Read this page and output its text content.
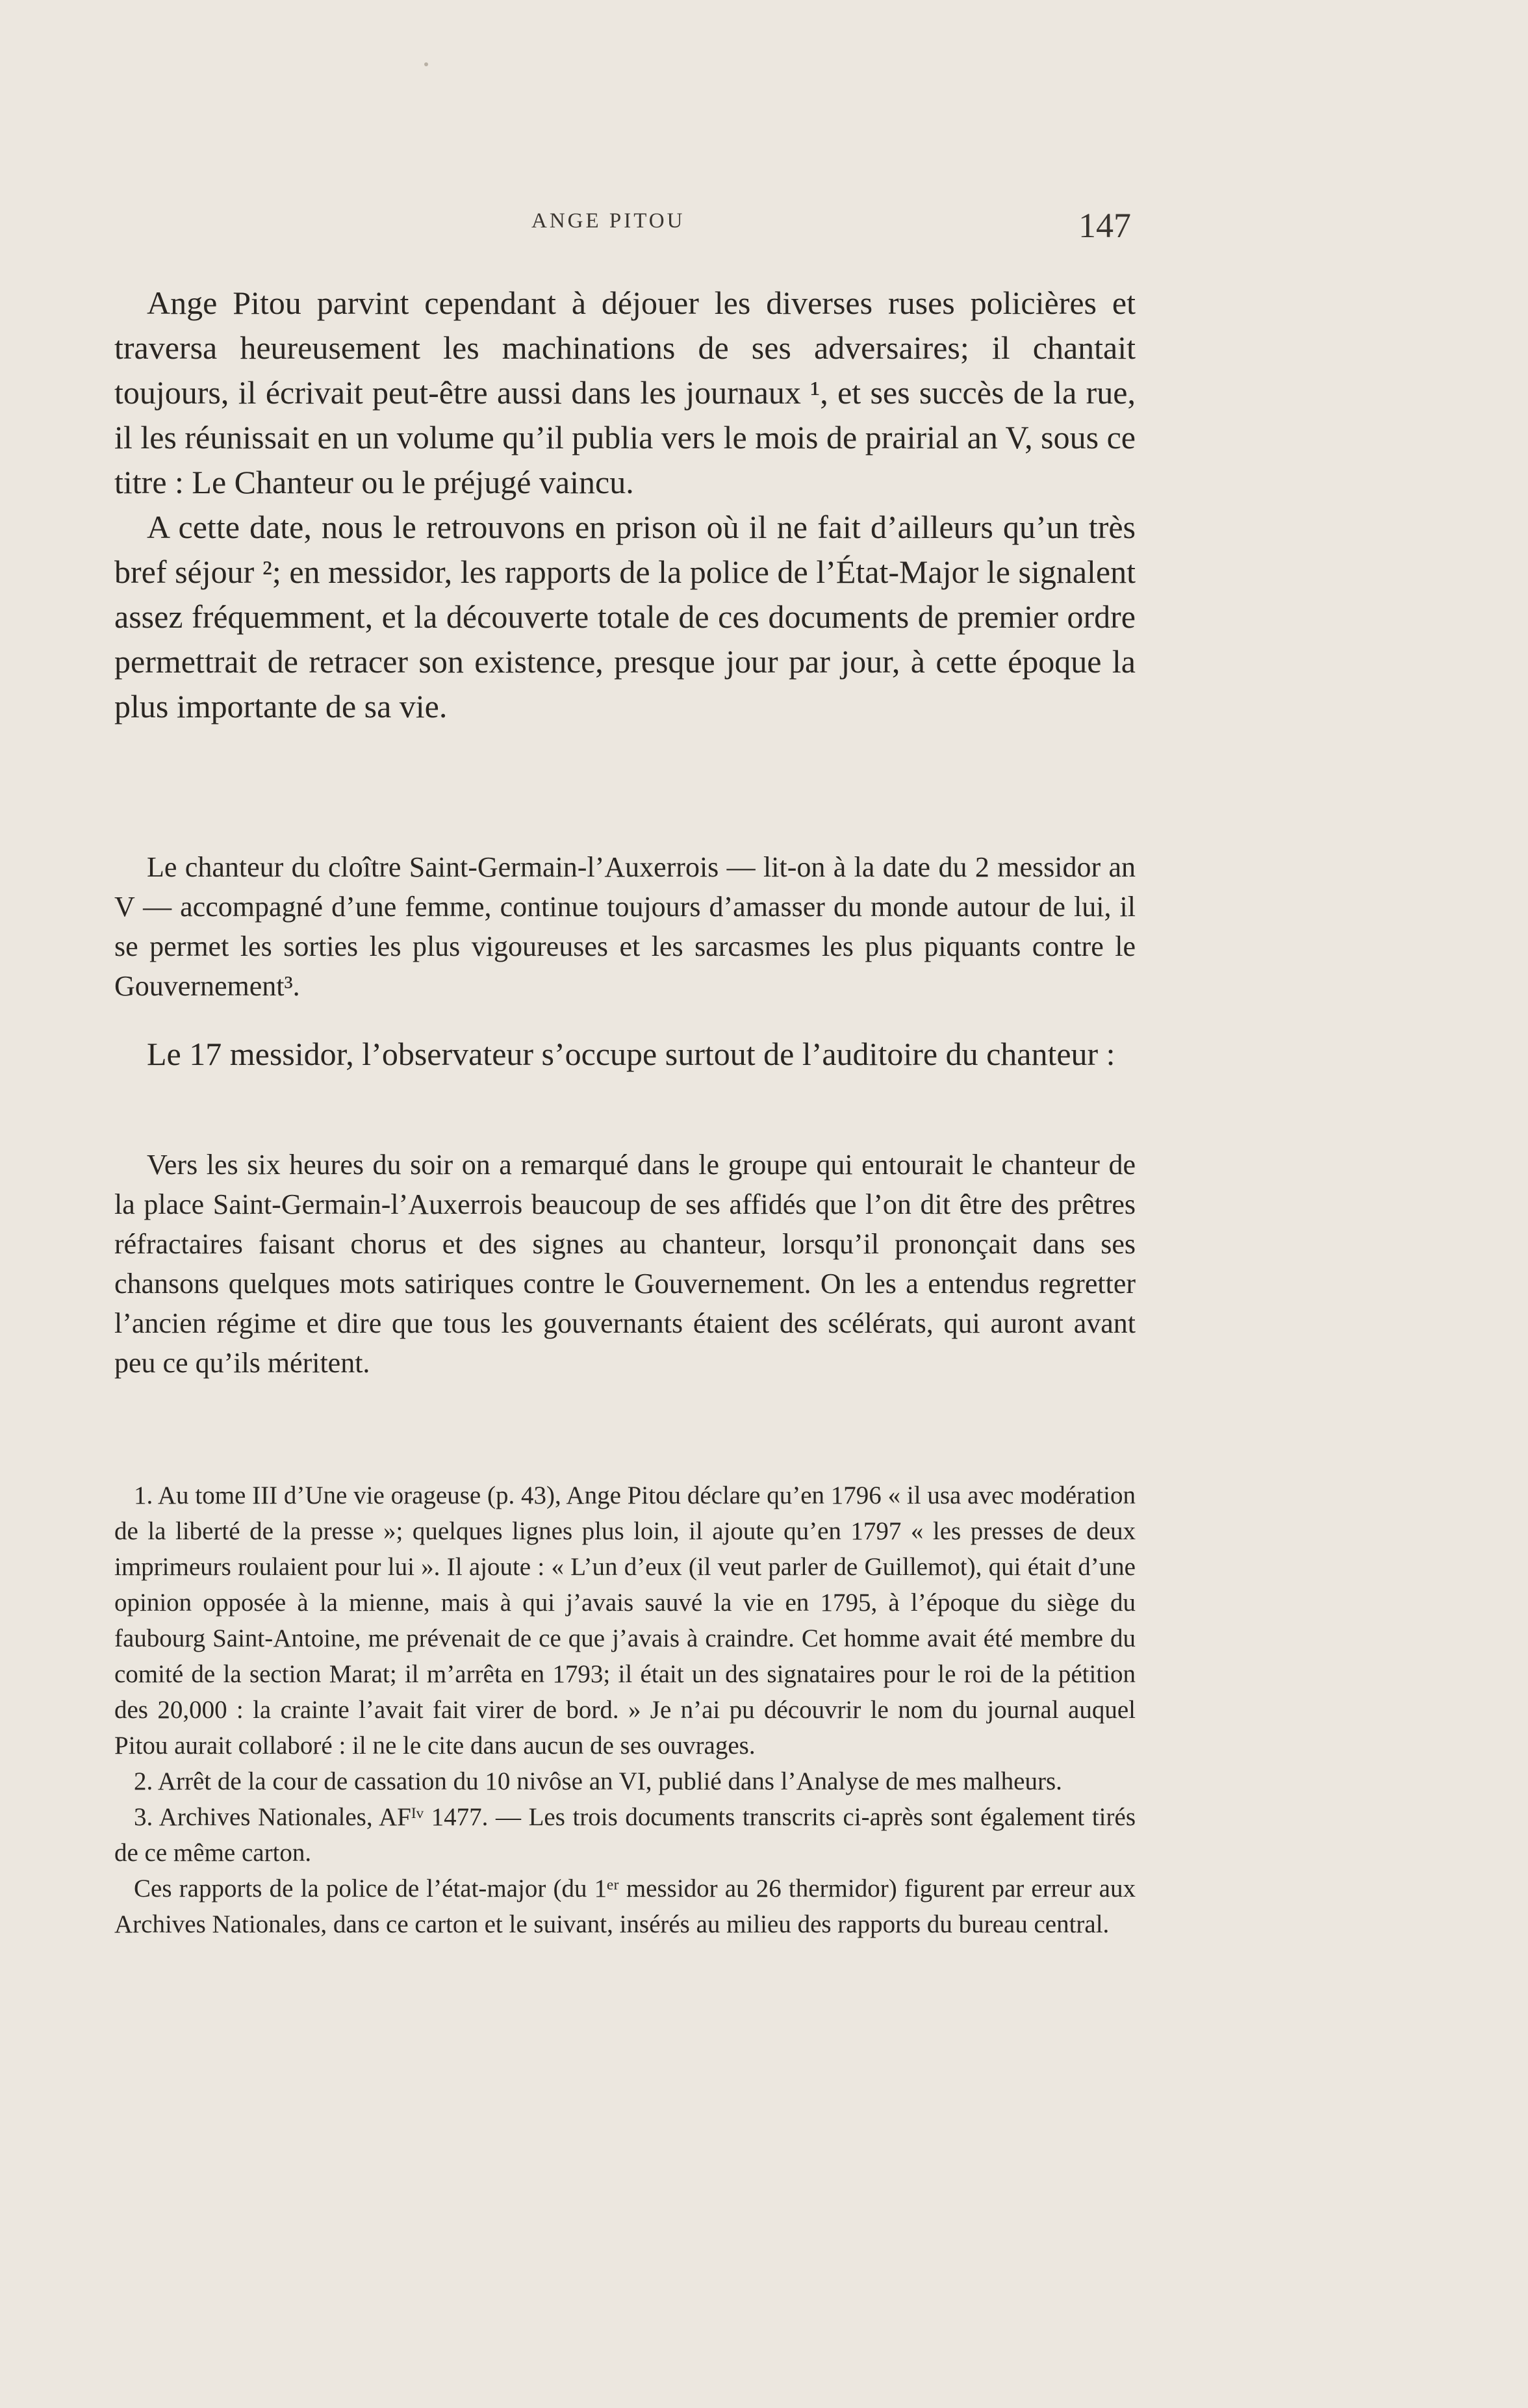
ANGE PITOU	147

Ange Pitou parvint cependant à déjouer les diverses ruses policières et traversa heureusement les machinations de ses adversaires; il chantait toujours, il écrivait peut-être aussi dans les journaux ¹, et ses succès de la rue, il les réunissait en un volume qu’il publia vers le mois de prairial an V, sous ce titre : Le Chanteur ou le préjugé vaincu.

A cette date, nous le retrouvons en prison où il ne fait d’ailleurs qu’un très bref séjour ²; en messidor, les rapports de la police de l’État-Major le signalent assez fréquemment, et la découverte totale de ces documents de premier ordre permettrait de retracer son existence, presque jour par jour, à cette époque la plus importante de sa vie.

Le chanteur du cloître Saint-Germain-l’Auxerrois — lit-on à la date du 2 messidor an V — accompagné d’une femme, continue toujours d’amasser du monde autour de lui, il se permet les sorties les plus vigoureuses et les sarcasmes les plus piquants contre le Gouvernement³.

Le 17 messidor, l’observateur s’occupe surtout de l’auditoire du chanteur :

Vers les six heures du soir on a remarqué dans le groupe qui entourait le chanteur de la place Saint-Germain-l’Auxerrois beaucoup de ses affidés que l’on dit être des prêtres réfractaires faisant chorus et des signes au chanteur, lorsqu’il prononçait dans ses chansons quelques mots satiriques contre le Gouvernement. On les a entendus regretter l’ancien régime et dire que tous les gouvernants étaient des scélérats, qui auront avant peu ce qu’ils méritent.

1. Au tome III d’Une vie orageuse (p. 43), Ange Pitou déclare qu’en 1796 « il usa avec modération de la liberté de la presse »; quelques lignes plus loin, il ajoute qu’en 1797 « les presses de deux imprimeurs roulaient pour lui ». Il ajoute : « L’un d’eux (il veut parler de Guillemot), qui était d’une opinion opposée à la mienne, mais à qui j’avais sauvé la vie en 1795, à l’époque du siège du faubourg Saint-Antoine, me prévenait de ce que j’avais à craindre. Cet homme avait été membre du comité de la section Marat; il m’arrêta en 1793; il était un des signataires pour le roi de la pétition des 20,000 : la crainte l’avait fait virer de bord. » Je n’ai pu découvrir le nom du journal auquel Pitou aurait collaboré : il ne le cite dans aucun de ses ouvrages.

2. Arrêt de la cour de cassation du 10 nivôse an VI, publié dans l’Analyse de mes malheurs.

3. Archives Nationales, AFᴵᵛ 1477. — Les trois documents transcrits ci-après sont également tirés de ce même carton.

Ces rapports de la police de l’état-major (du 1ᵉʳ messidor au 26 thermidor) figurent par erreur aux Archives Nationales, dans ce carton et le suivant, insérés au milieu des rapports du bureau central.
